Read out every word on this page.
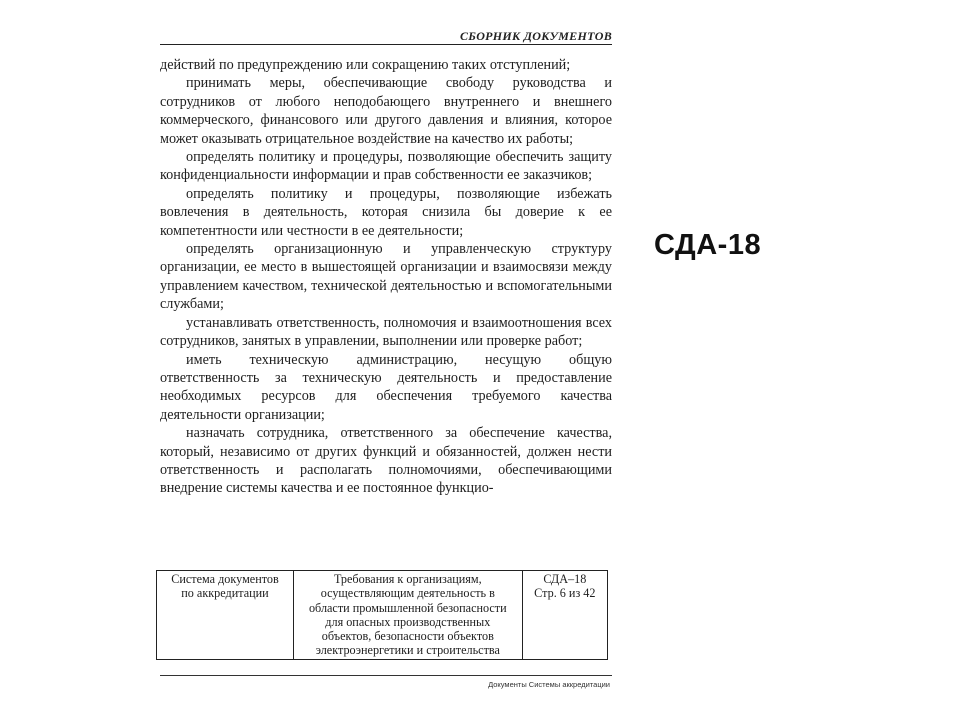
СБОРНИК ДОКУМЕНТОВ

действий по предупреждению или сокращению таких отступлений;

принимать меры, обеспечивающие свободу руководства и сотрудников от любого неподобающего внутреннего и внешнего коммерческого, финансового или другого давления и влияния, которое может оказывать отрицательное воздействие на качество их работы;

определять политику и процедуры, позволяющие обеспечить защиту конфиденциальности информации и прав собственности ее заказчиков;

определять политику и процедуры, позволяющие избежать вовлечения в деятельность, которая снизила бы доверие к ее компетентности или честности в ее деятельности;

определять организационную и управленческую структуру организации, ее место в вышестоящей организации и взаимосвязи между управлением качеством, технической деятельностью и вспомогательными службами;

устанавливать ответственность, полномочия и взаимоотношения всех сотрудников, занятых в управлении, выполнении или проверке работ;

иметь техническую администрацию, несущую общую ответственность за техническую деятельность и предоставление необходимых ресурсов для обеспечения требуемого качества деятельности организации;

назначать сотрудника, ответственного за обеспечение качества, который, независимо от других функций и обязанностей, должен нести ответственность и располагать полномочиями, обеспечивающими внедрение системы качества и ее постоянное функцио-

Система документов
по аккредитации

Требования к организациям,
осуществляющим деятельность в
области промышленной безопасности
для опасных производственных
объектов, безопасности объектов
электроэнергетики и строительства

СДА–18
Стр. 6 из 42
Документы Системы аккредитации
СДА-18
